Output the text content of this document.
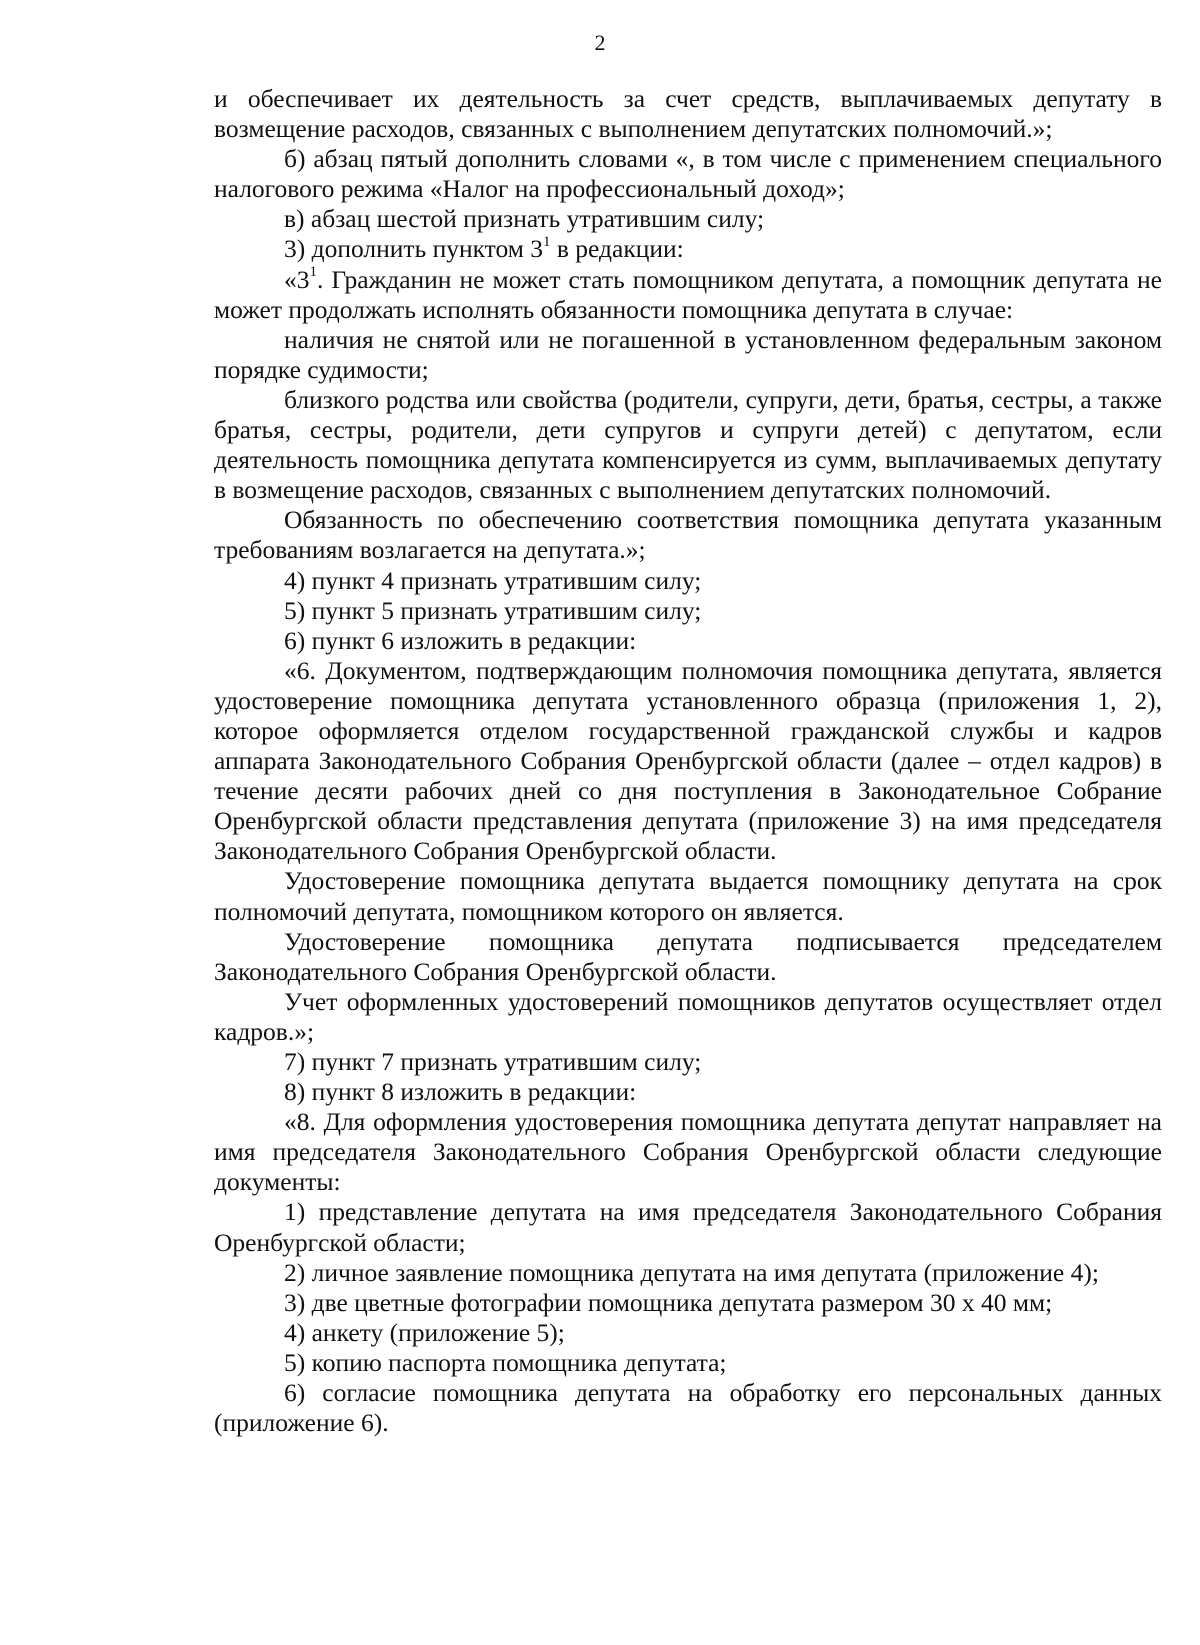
2

и обеспечивает их деятельность за счет средств, выплачиваемых депутату в возмещение расходов, связанных с выполнением депутатских полномочий.»;

б) абзац пятый дополнить словами «, в том числе с применением специального налогового режима «Налог на профессиональный доход»;

в) абзац шестой признать утратившим силу;

3) дополнить пунктом $3^1$ в редакции:

«$3^1$. Гражданин не может стать помощником депутата, а помощник депутата не может продолжать исполнять обязанности помощника депутата в случае:

наличия не снятой или не погашенной в установленном федеральным законом порядке судимости;

близкого родства или свойства (родители, супруги, дети, братья, сестры, а также братья, сестры, родители, дети супругов и супруги детей) с депутатом, если деятельность помощника депутата компенсируется из сумм, выплачиваемых депутату в возмещение расходов, связанных с выполнением депутатских полномочий.

Обязанность по обеспечению соответствия помощника депутата указанным требованиям возлагается на депутата.»;

4) пункт 4 признать утратившим силу;

5) пункт 5 признать утратившим силу;

6) пункт 6 изложить в редакции:

«6. Документом, подтверждающим полномочия помощника депутата, является удостоверение помощника депутата установленного образца (приложения 1, 2), которое оформляется отделом государственной гражданской службы и кадров аппарата Законодательного Собрания Оренбургской области (далее – отдел кадров) в течение десяти рабочих дней со дня поступления в Законодательное Собрание Оренбургской области представления депутата (приложение 3) на имя председателя Законодательного Собрания Оренбургской области.

Удостоверение помощника депутата выдается помощнику депутата на срок полномочий депутата, помощником которого он является.

Удостоверение помощника депутата подписывается председателем Законодательного Собрания Оренбургской области.

Учет оформленных удостоверений помощников депутатов осуществляет отдел кадров.»;

7) пункт 7 признать утратившим силу;

8) пункт 8 изложить в редакции:

«8. Для оформления удостоверения помощника депутата депутат направляет на имя председателя Законодательного Собрания Оренбургской области следующие документы:

1) представление депутата на имя председателя Законодательного Собрания Оренбургской области;

2) личное заявление помощника депутата на имя депутата (приложение 4);

3) две цветные фотографии помощника депутата размером 30 х 40 мм;

4) анкету (приложение 5);

5) копию паспорта помощника депутата;

6) согласие помощника депутата на обработку его персональных данных (приложение 6).
